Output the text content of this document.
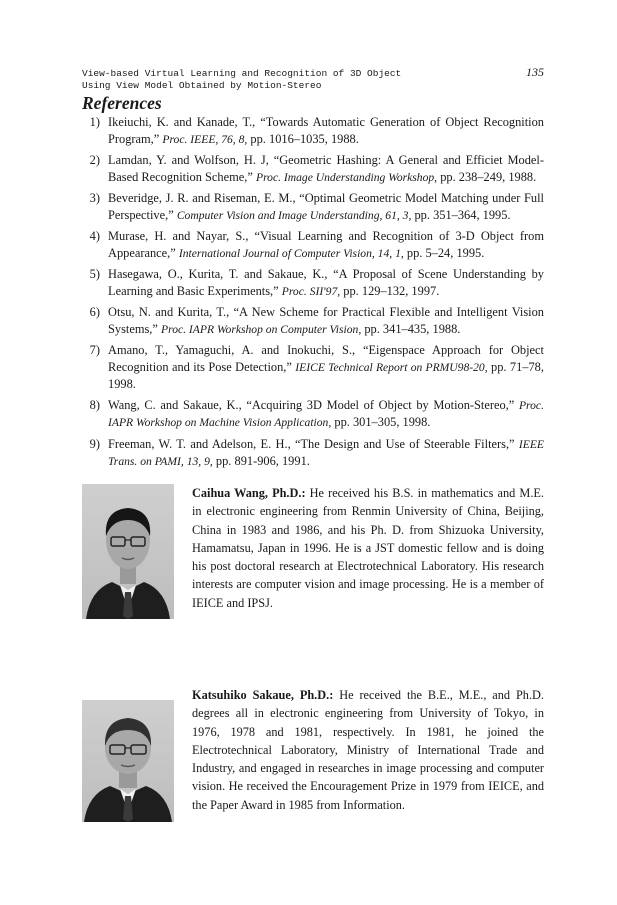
View-based Virtual Learning and Recognition of 3D Object
Using View Model Obtained by Motion-Stereo
135
References
1) Ikeiuchi, K. and Kanade, T., “Towards Automatic Generation of Object Recognition Program,” Proc. IEEE, 76, 8, pp. 1016–1035, 1988.
2) Lamdan, Y. and Wolfson, H. J, “Geometric Hashing: A General and Efficiet Model-Based Recognition Scheme,” Proc. Image Understanding Workshop, pp. 238–249, 1988.
3) Beveridge, J. R. and Riseman, E. M., “Optimal Geometric Model Matching under Full Perspective,” Computer Vision and Image Understanding, 61, 3, pp. 351–364, 1995.
4) Murase, H. and Nayar, S., “Visual Learning and Recognition of 3-D Object from Appearance,” International Journal of Computer Vision, 14, 1, pp. 5–24, 1995.
5) Hasegawa, O., Kurita, T. and Sakaue, K., “A Proposal of Scene Understanding by Learning and Basic Experiments,” Proc. SII'97, pp. 129–132, 1997.
6) Otsu, N. and Kurita, T., “A New Scheme for Practical Flexible and Intelligent Vision Systems,” Proc. IAPR Workshop on Computer Vision, pp. 341–435, 1988.
7) Amano, T., Yamaguchi, A. and Inokuchi, S., “Eigenspace Approach for Object Recognition and its Pose Detection,” IEICE Technical Report on PRMU98-20, pp. 71–78, 1998.
8) Wang, C. and Sakaue, K., “Acquiring 3D Model of Object by Motion-Stereo,” Proc. IAPR Workshop on Machine Vision Application, pp. 301–305, 1998.
9) Freeman, W. T. and Adelson, E. H., “The Design and Use of Steerable Filters,” IEEE Trans. on PAMI, 13, 9, pp. 891-906, 1991.

Caihua Wang, Ph.D.: He received his B.S. in mathematics and M.E. in electronic engineering from Renmin University of China, Beijing, China in 1983 and 1986, and his Ph. D. from Shizuoka University, Hamamatsu, Japan in 1996. He is a JST domestic fellow and is doing his post doctoral research at Electrotechnical Laboratory. His research interests are computer vision and image processing. He is a member of IEICE and IPSJ.

Katsuhiko Sakaue, Ph.D.: He received the B.E., M.E., and Ph.D. degrees all in electronic engineering from University of Tokyo, in 1976, 1978 and 1981, respectively. In 1981, he joined the Electrotechnical Laboratory, Ministry of International Trade and Industry, and engaged in researches in image processing and computer vision. He received the Encouragement Prize in 1979 from IEICE, and the Paper Award in 1985 from Information.
